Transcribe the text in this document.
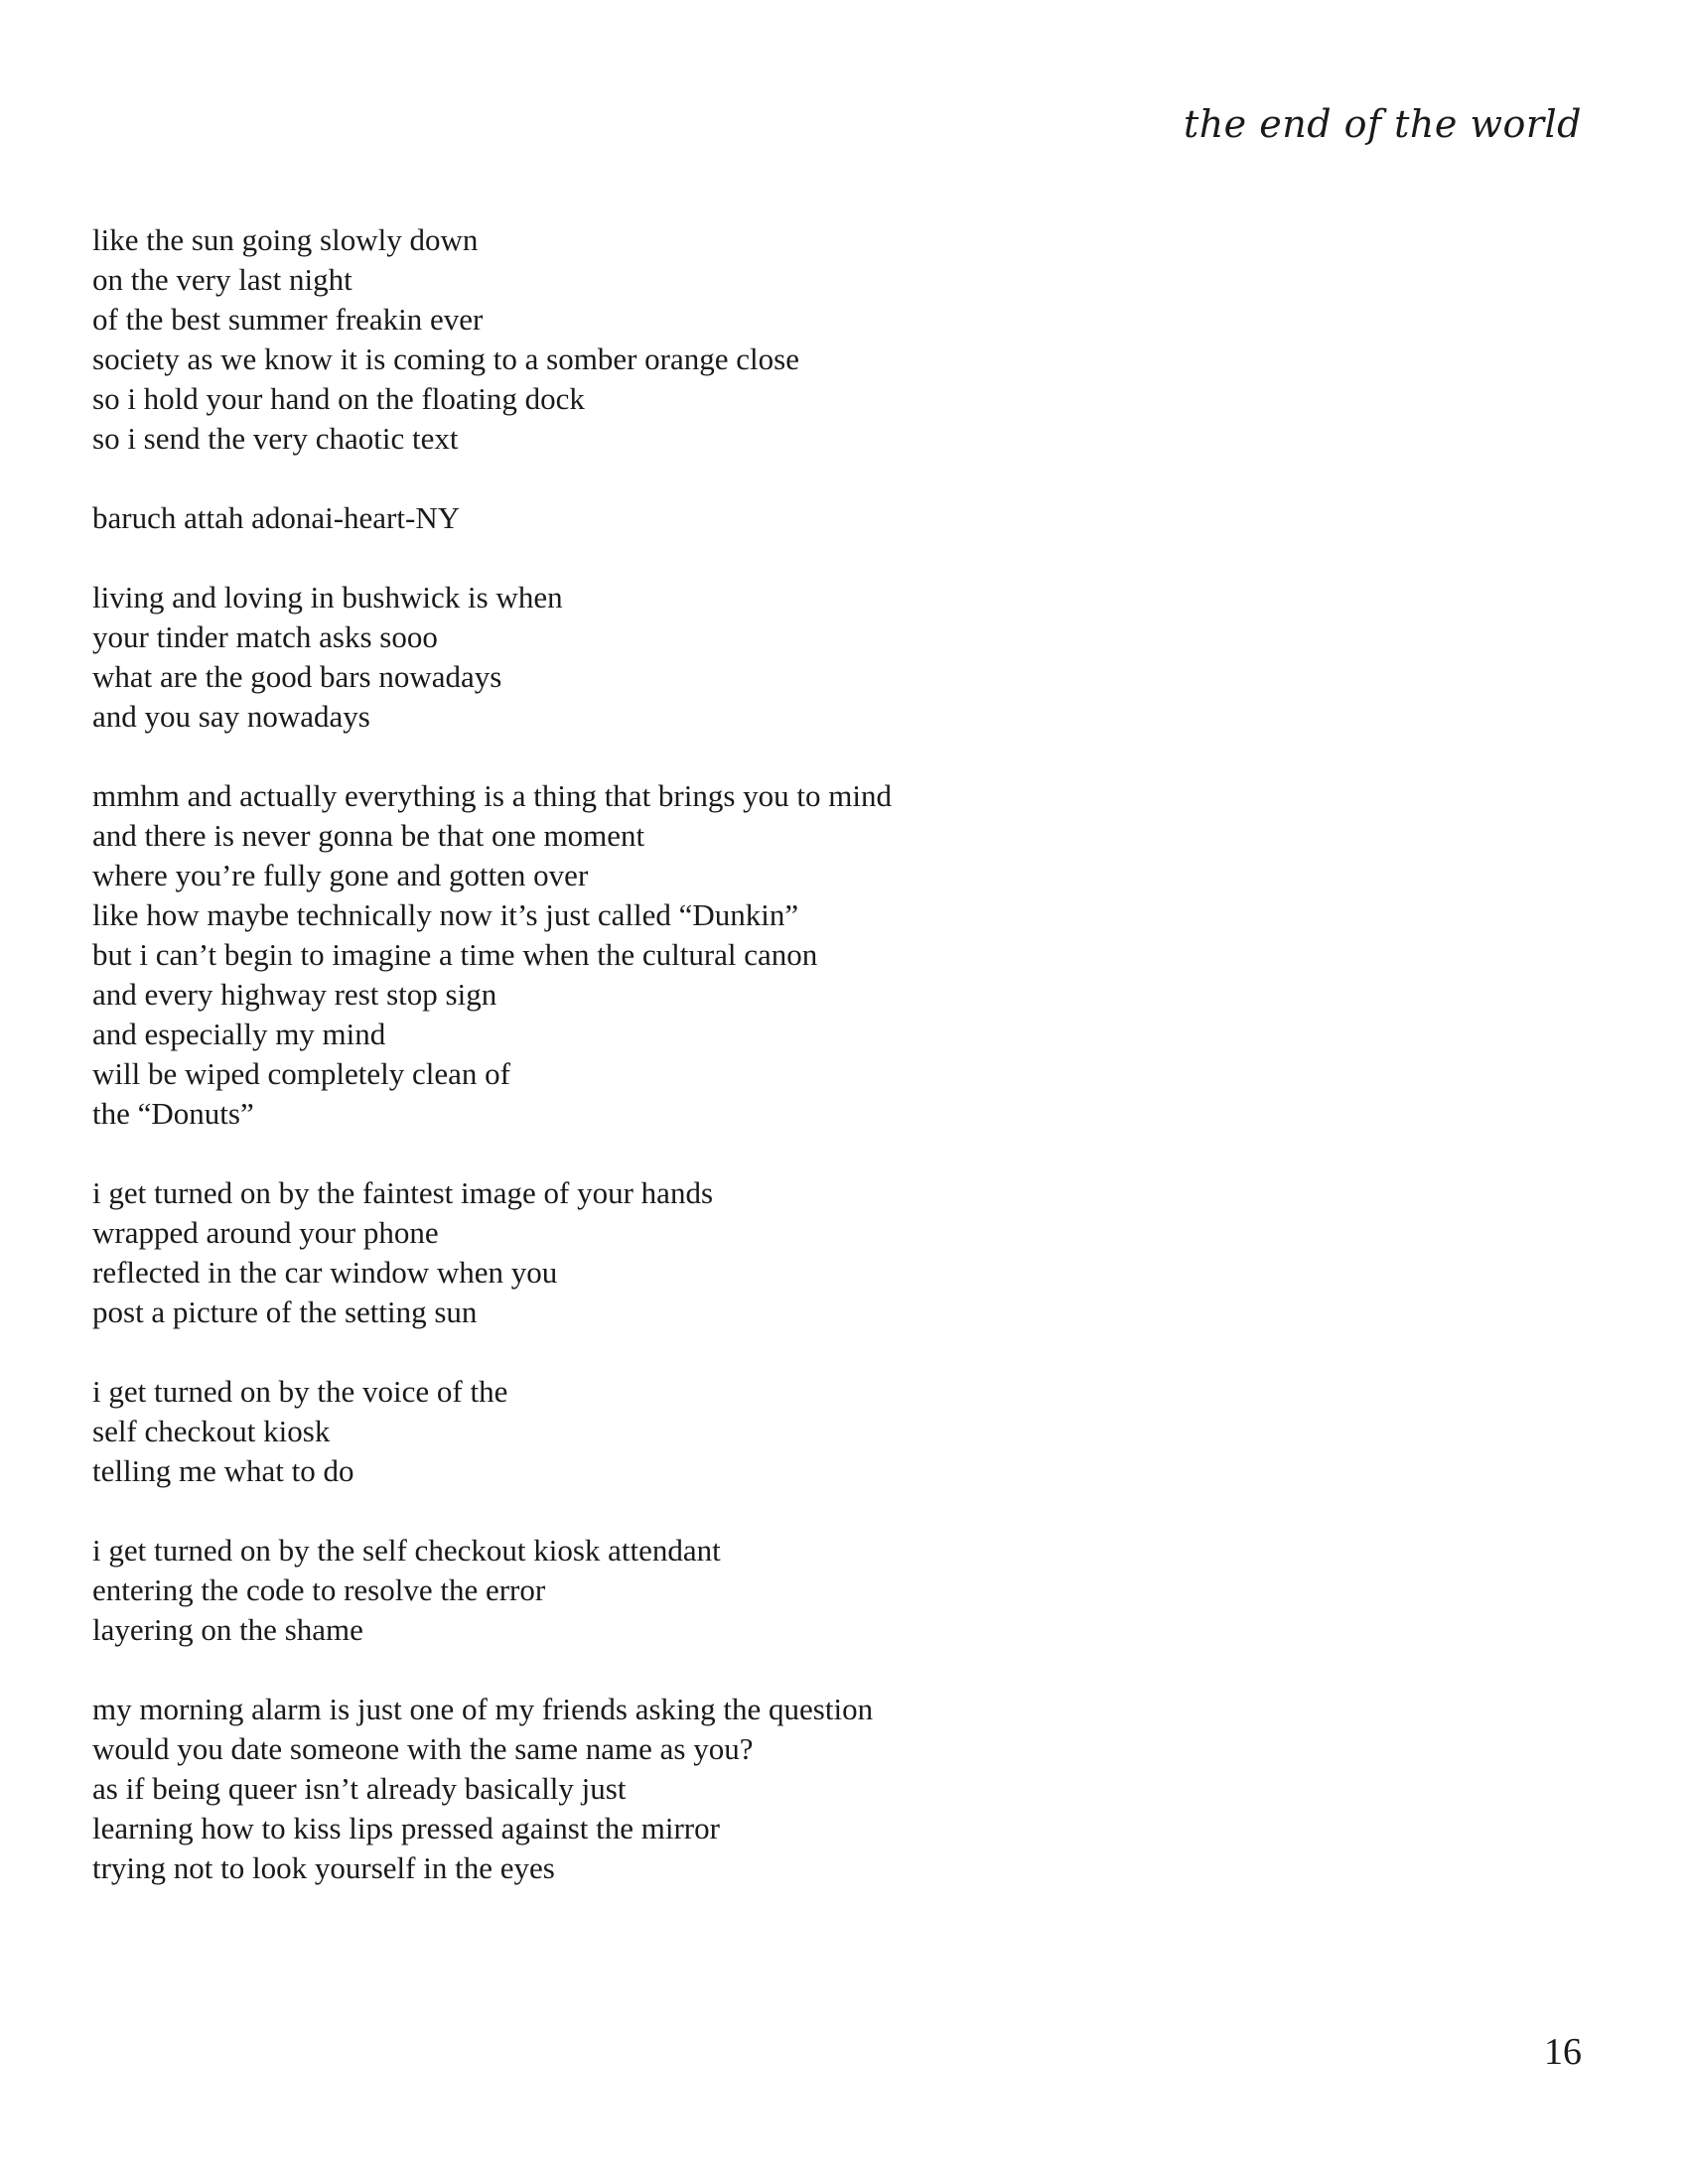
the end of the world
like the sun going slowly down
on the very last night
of the best summer freakin ever
society as we know it is coming to a somber orange close
so i hold your hand on the floating dock
so i send the very chaotic text
baruch attah adonai-heart-NY
living and loving in bushwick is when
your tinder match asks sooo
what are the good bars nowadays
and you say nowadays
mmhm and actually everything is a thing that brings you to mind
and there is never gonna be that one moment
where you’re fully gone and gotten over
like how maybe technically now it’s just called “Dunkin”
but i can’t begin to imagine a time when the cultural canon
and every highway rest stop sign
and especially my mind
will be wiped completely clean of
the “Donuts”
i get turned on by the faintest image of your hands
wrapped around your phone
reflected in the car window when you
post a picture of the setting sun
i get turned on by the voice of the
self checkout kiosk
telling me what to do
i get turned on by the self checkout kiosk attendant
entering the code to resolve the error
layering on the shame
my morning alarm is just one of my friends asking the question
would you date someone with the same name as you?
as if being queer isn’t already basically just
learning how to kiss lips pressed against the mirror
trying not to look yourself in the eyes
16
